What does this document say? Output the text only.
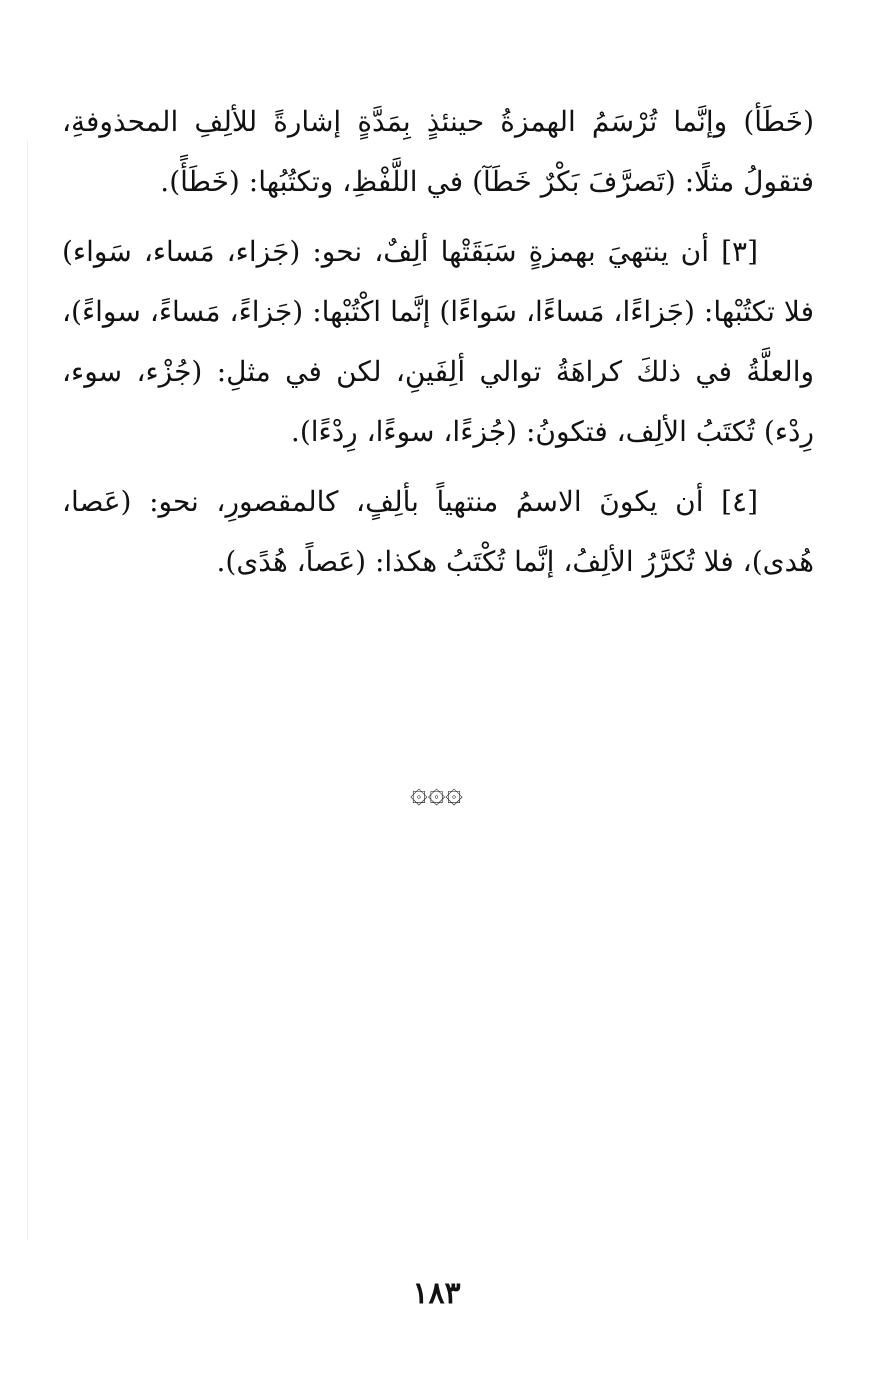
(خَطَأ) وإنَّما تُرْسَمُ الهمزةُ حينئذٍ بِمَدَّةٍ إشارةً للألِفِ المحذوفةِ، فتقولُ مثلًا: (تَصرَّفَ بَكْرٌ خَطَآ) في اللَّفْظِ، وتكتُبُها: (خَطَأً).

[٣] أن ينتهيَ بهمزةٍ سَبَقَتْها ألِفٌ، نحو: (جَزاء، مَساء، سَواء) فلا تكتُبْها: (جَزاءًا، مَساءًا، سَواءًا) إنَّما اكْتُبْها: (جَزاءً، مَساءً، سواءً)، والعلَّةُ في ذلكَ كراهَةُ توالي ألِفَينِ، لكن في مثلِ: (جُزْء، سوء، رِدْء) تُكتَبُ الألِف، فتكونُ: (جُزءًا، سوءًا، رِدْءًا).

[٤] أن يكونَ الاسمُ منتهياً بألِفٍ، كالمقصورِ، نحو: (عَصا، هُدى)، فلا تُكرَّرُ الألِفُ، إنَّما تُكْتَبُ هكذا: (عَصاً، هُدًى).

۞۞۞
١٨٣
